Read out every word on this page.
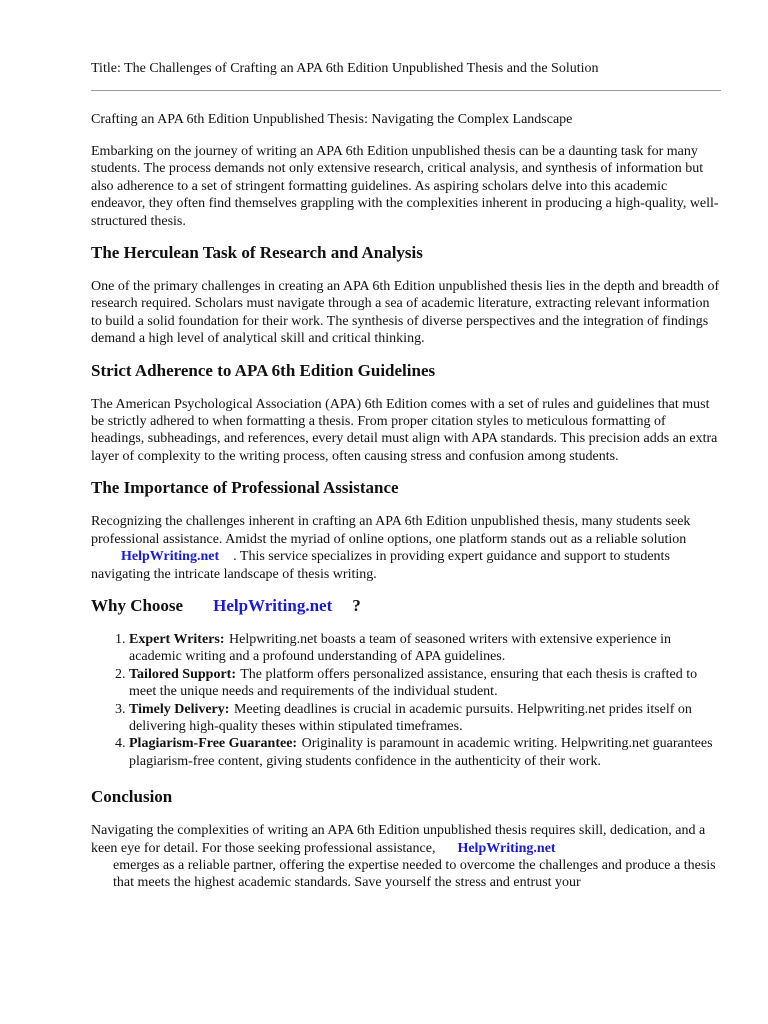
Title: The Challenges of Crafting an APA 6th Edition Unpublished Thesis and the Solution

Crafting an APA 6th Edition Unpublished Thesis: Navigating the Complex Landscape

Embarking on the journey of writing an APA 6th Edition unpublished thesis can be a daunting task for many students. The process demands not only extensive research, critical analysis, and synthesis of information but also adherence to a set of stringent formatting guidelines. As aspiring scholars delve into this academic endeavor, they often find themselves grappling with the complexities inherent in producing a high-quality, well-structured thesis.

The Herculean Task of Research and Analysis

One of the primary challenges in creating an APA 6th Edition unpublished thesis lies in the depth and breadth of research required. Scholars must navigate through a sea of academic literature, extracting relevant information to build a solid foundation for their work. The synthesis of diverse perspectives and the integration of findings demand a high level of analytical skill and critical thinking.

Strict Adherence to APA 6th Edition Guidelines

The American Psychological Association (APA) 6th Edition comes with a set of rules and guidelines that must be strictly adhered to when formatting a thesis. From proper citation styles to meticulous formatting of headings, subheadings, and references, every detail must align with APA standards. This precision adds an extra layer of complexity to the writing process, often causing stress and confusion among students.

The Importance of Professional Assistance

Recognizing the challenges inherent in crafting an APA 6th Edition unpublished thesis, many students seek professional assistance. Amidst the myriad of online options, one platform stands out as a reliable solutionHelpWriting.net . This service specializes in providing expert guidance and support to students navigating the intricate landscape of thesis writing.

Why Choose HelpWriting.net ?
1. Expert Writers: Helpwriting.net boasts a team of seasoned writers with extensive experience in academic writing and a profound understanding of APA guidelines.
2. Tailored Support: The platform offers personalized assistance, ensuring that each thesis is crafted to meet the unique needs and requirements of the individual student.
3. Timely Delivery: Meeting deadlines is crucial in academic pursuits. Helpwriting.net prides itself on delivering high-quality theses within stipulated timeframes.
4. Plagiarism-Free Guarantee: Originality is paramount in academic writing. Helpwriting.net guarantees plagiarism-free content, giving students confidence in the authenticity of their work.
Conclusion

Navigating the complexities of writing an APA 6th Edition unpublished thesis requires skill, dedication, and a keen eye for detail. For those seeking professional assistance, HelpWriting.net
emerges as a reliable partner, offering the expertise needed to overcome the challenges and produce a thesis that meets the highest academic standards. Save yourself the stress and entrust your
